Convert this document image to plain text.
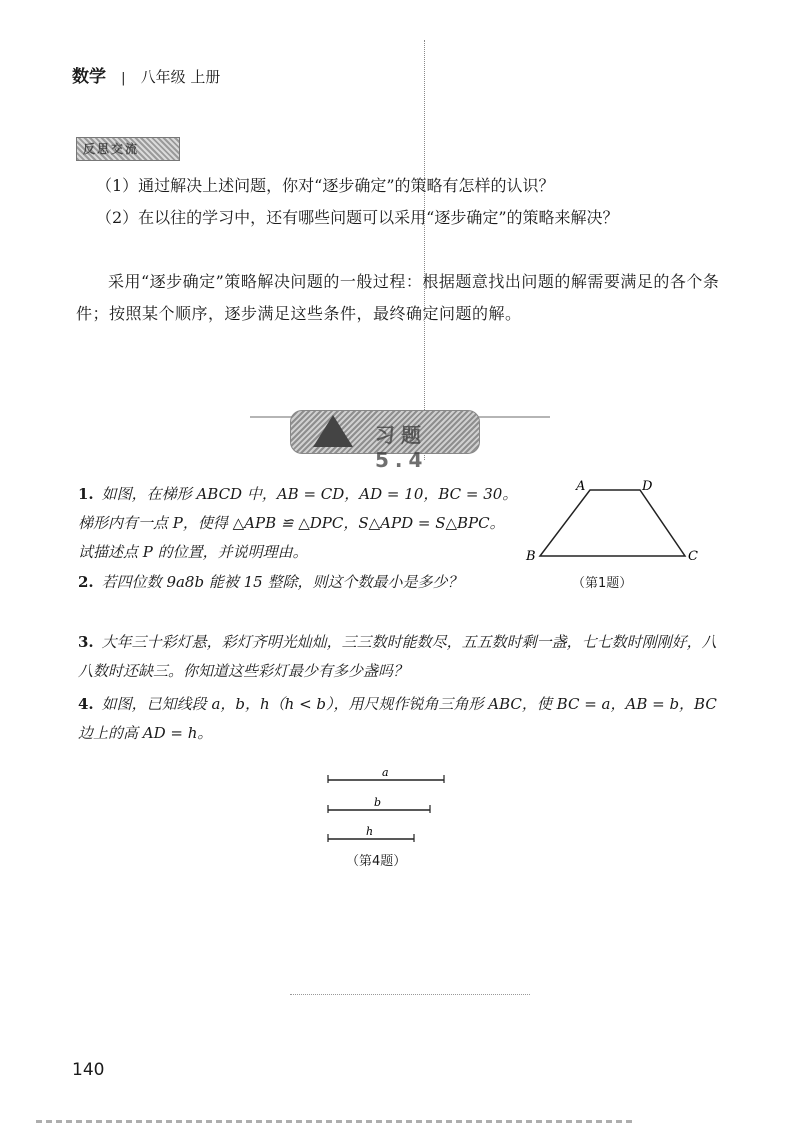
数学 | 八年级 上册
反思交流
（1）通过解决上述问题，你对“逐步确定”的策略有怎样的认识？
（2）在以往的学习中，还有哪些问题可以采用“逐步确定”的策略来解决？
采用“逐步确定”策略解决问题的一般过程：根据题意找出问题的解需要满足的各个条件；按照某个顺序，逐步满足这些条件，最终确定问题的解。
习题5.4
1. 如图，在梯形 ABCD 中，AB = CD，AD = 10，BC = 30。梯形内有一点 P，使得 △APB ≌ △DPC，S△APD = S△BPC。试描述点 P 的位置，并说明理由。
2. 若四位数 9a8b 能被 15 整除，则这个数最小是多少？
3. 大年三十彩灯悬，彩灯齐明光灿灿，三三数时能数尽，五五数时剩一盏，七七数时刚刚好，八八数时还缺三。你知道这些彩灯最少有多少盏吗？
4. 如图，已知线段 a，b，h（h < b），用尺规作锐角三角形 ABC，使 BC = a，AB = b，BC 边上的高 AD = h。
A	D
B	C
（第1题）
a
b
h
（第4题）
140
